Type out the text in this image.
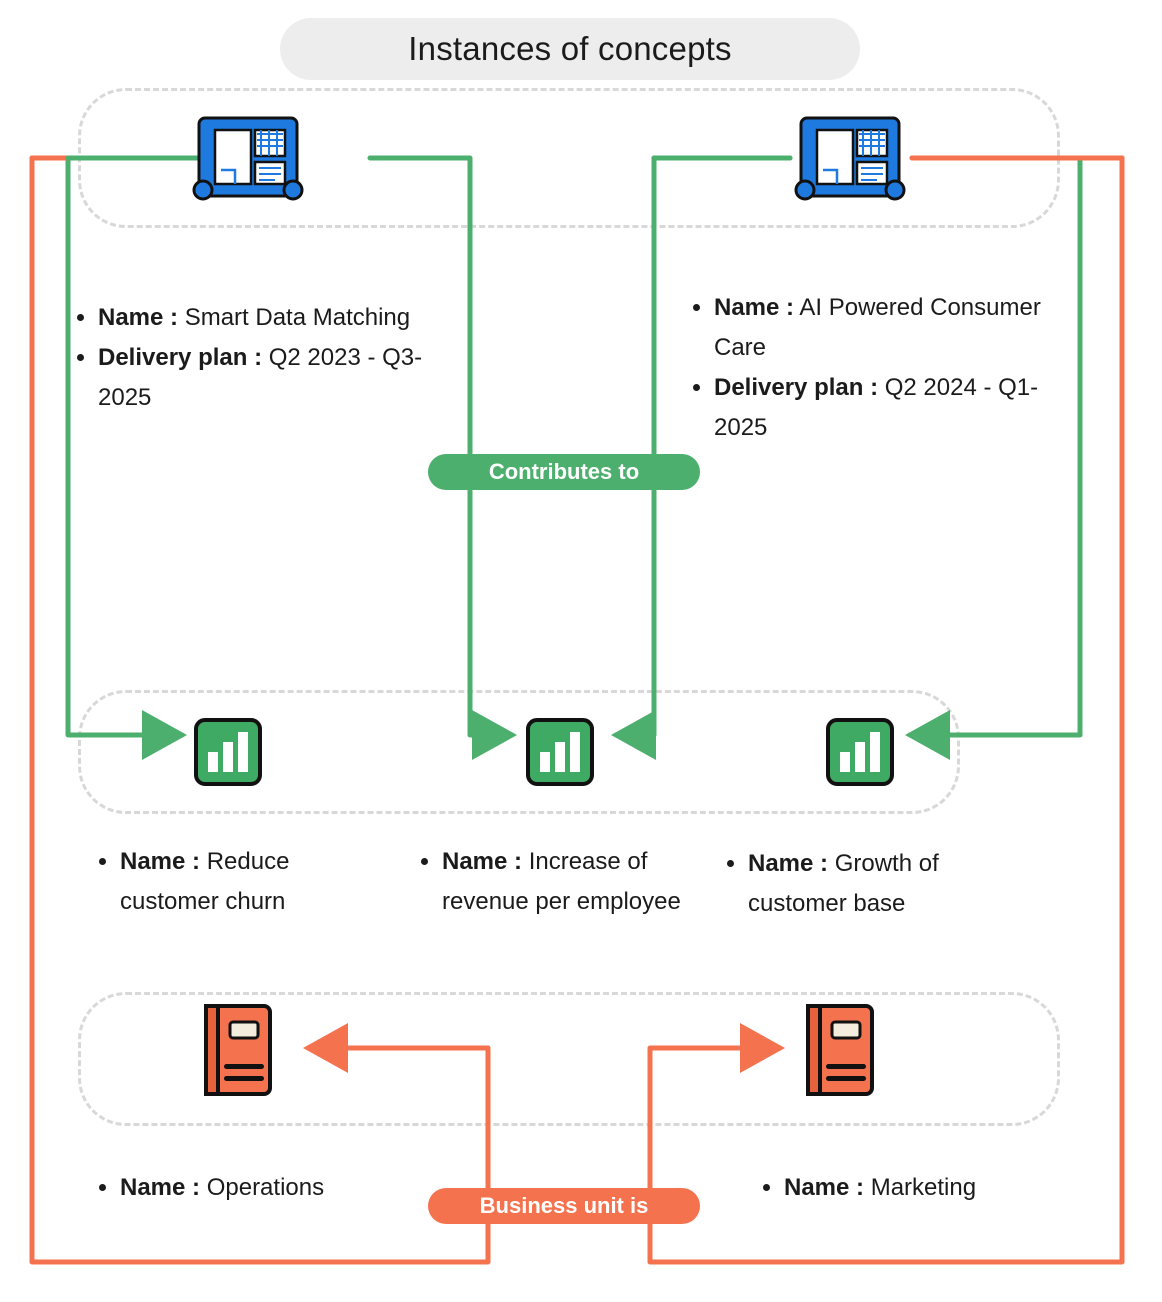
Instances of concepts
• Name : Smart Data Matching
• Delivery plan : Q2 2023 - Q3-2025
• Name : AI Powered Consumer Care
• Delivery plan : Q2 2024 - Q1-2025
Contributes to
• Name : Reduce customer churn
• Name : Increase of revenue per employee
• Name : Growth of customer base
• Name : Operations	• Name : Marketing
Business unit is
